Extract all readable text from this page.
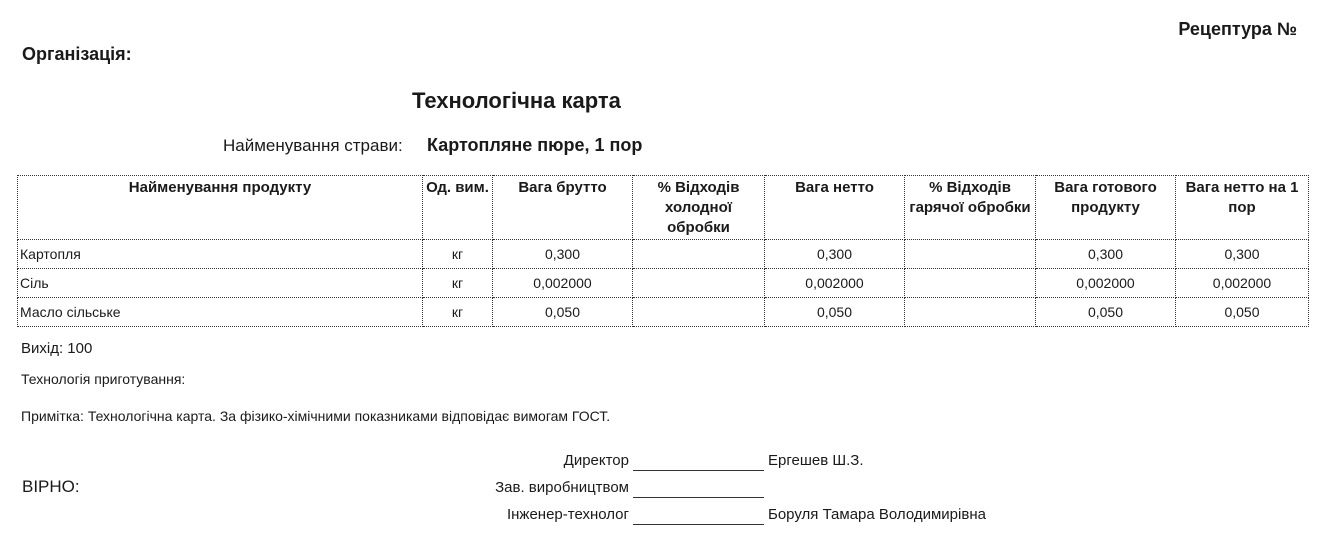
Рецептура №
Організація:
Технологічна карта
Найменування страви: Картопляне пюре, 1 пор
Найменування продукту	Од. вим.	Вага брутто	% Відходів холодної обробки	Вага нетто	% Відходів гарячої обробки	Вага готового продукту	Вага нетто на 1 пор
Картопля	кг	0,300		0,300		0,300	0,300
Сіль	кг	0,002000		0,002000		0,002000	0,002000
Масло сільське	кг	0,050		0,050		0,050	0,050
Вихід: 100
Технологія приготування:
Примітка: Технологічна карта. За фізико-хімічними показниками відповідає вимогам ГОСТ.
ВІРНО:
Директор	Ергешев Ш.З.
Зав. виробництвом
Інженер-технолог	Боруля Тамара Володимирівна
